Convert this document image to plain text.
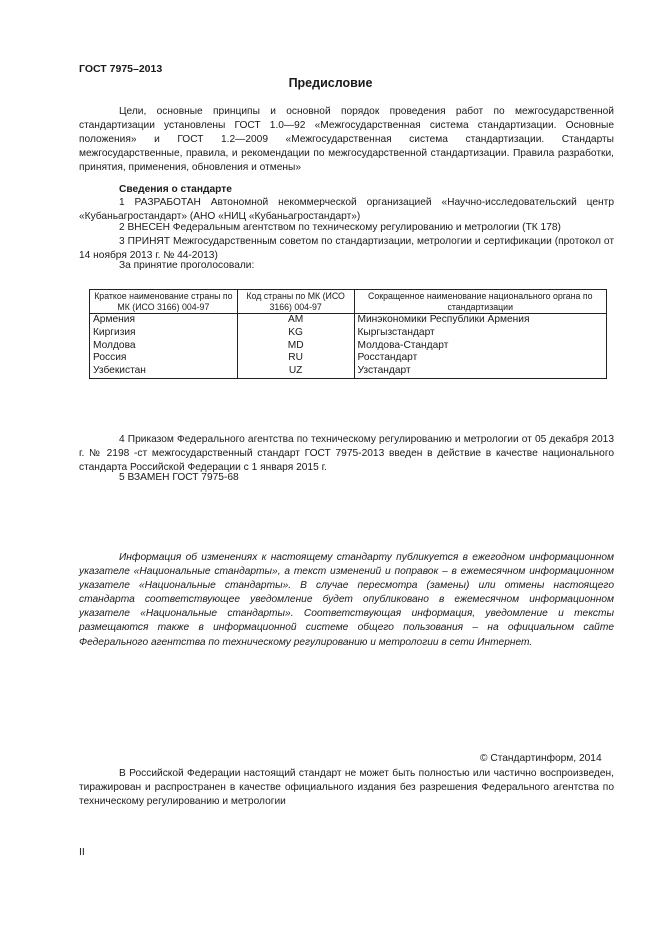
ГОСТ 7975–2013
Предисловие

Цели, основные принципы и основной порядок проведения работ по межгосударственной стандартизации установлены ГОСТ 1.0—92 «Межгосударственная система стандартизации. Основные положения» и ГОСТ 1.2—2009 «Межгосударственная система стандартизации. Стандарты межгосударственные, правила, и рекомендации по межгосударственной стандартизации. Правила разработки, принятия, применения, обновления и отмены»

Сведения о стандарте

1 РАЗРАБОТАН Автономной некоммерческой организацией «Научно-исследовательский центр «Кубаньагростандарт» (АНО «НИЦ «Кубаньагростандарт»)

2 ВНЕСЕН Федеральным агентством по техническому регулированию и метрологии (ТК 178)

3 ПРИНЯТ Межгосударственным советом по стандартизации, метрологии и сертификации (протокол от 14 ноября 2013 г. № 44-2013)

За принятие проголосовали:
Краткое наименование страны по МК (ИСО 3166) 004-97	Код страны по МК (ИСО 3166) 004-97	Сокращенное наименование национального органа по стандартизации
Армения	AM	Минэкономики Республики Армения
Киргизия	KG	Кыргызстандарт
Молдова	MD	Молдова-Стандарт
Россия	RU	Росстандарт
Узбекистан	UZ	Узстандарт

4 Приказом Федерального агентства по техническому регулированию и метрологии от 05 декабря 2013 г. № 2198 -ст межгосударственный стандарт ГОСТ 7975-2013 введен в действие в качестве национального стандарта Российской Федерации с 1 января 2015 г.

5 ВЗАМЕН ГОСТ 7975-68

Информация об изменениях к настоящему стандарту публикуется в ежегодном информационном указателе «Национальные стандарты», а текст изменений и поправок – в ежемесячном информационном указателе «Национальные стандарты». В случае пересмотра (замены) или отмены настоящего стандарта соответствующее уведомление будет опубликовано в ежемесячном информационном указателе «Национальные стандарты». Соответствующая информация, уведомление и тексты размещаются также в информационной системе общего пользования – на официальном сайте Федерального агентства по техническому регулированию и метрологии в сети Интернет.

© Стандартинформ, 2014

В Российской Федерации настоящий стандарт не может быть полностью или частично воспроизведен, тиражирован и распространен в качестве официального издания без разрешения Федерального агентства по техническому регулированию и метрологии

II
